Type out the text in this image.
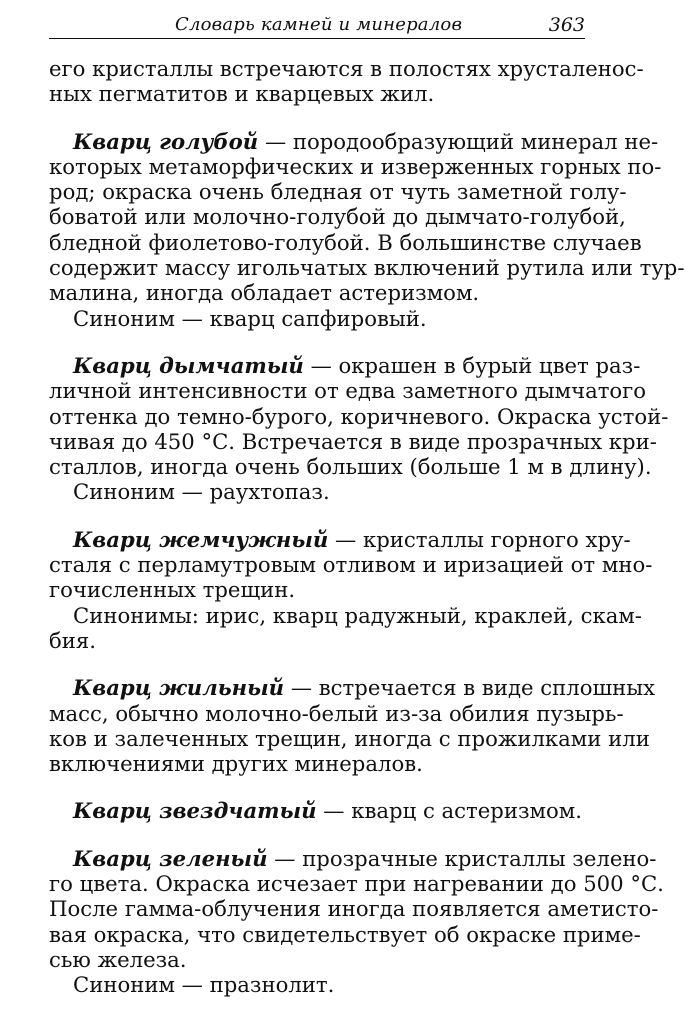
Словарь камней и минералов	363
его кристаллы встречаются в полостях хрусталенос-
ных пегматитов и кварцевых жил.
Кварц голубой — породообразующий минерал не-
которых метаморфических и изверженных горных по-
род; окраска очень бледная от чуть заметной голу-
боватой или молочно-голубой до дымчато-голубой,
бледной фиолетово-голубой. В большинстве случаев
содержит массу игольчатых включений рутила или тур-
малина, иногда обладает астеризмом.
Синоним — кварц сапфировый.
Кварц дымчатый — окрашен в бурый цвет раз-
личной интенсивности от едва заметного дымчатого
оттенка до темно-бурого, коричневого. Окраска устой-
чивая до 450 °С. Встречается в виде прозрачных кри-
сталлов, иногда очень больших (больше 1 м в длину).
Синоним — раухтопаз.
Кварц жемчужный — кристаллы горного хру-
сталя с перламутровым отливом и иризацией от мно-
гочисленных трещин.
Синонимы: ирис, кварц радужный, краклей, скам-
бия.
Кварц жильный — встречается в виде сплошных
масс, обычно молочно-белый из-за обилия пузырь-
ков и залеченных трещин, иногда с прожилками или
включениями других минералов.
Кварц звездчатый — кварц с астеризмом.
Кварц зеленый — прозрачные кристаллы зелено-
го цвета. Окраска исчезает при нагревании до 500 °С.
После гамма-облучения иногда появляется аметисто-
вая окраска, что свидетельствует об окраске приме-
сью железа.
Синоним — празнолит.
